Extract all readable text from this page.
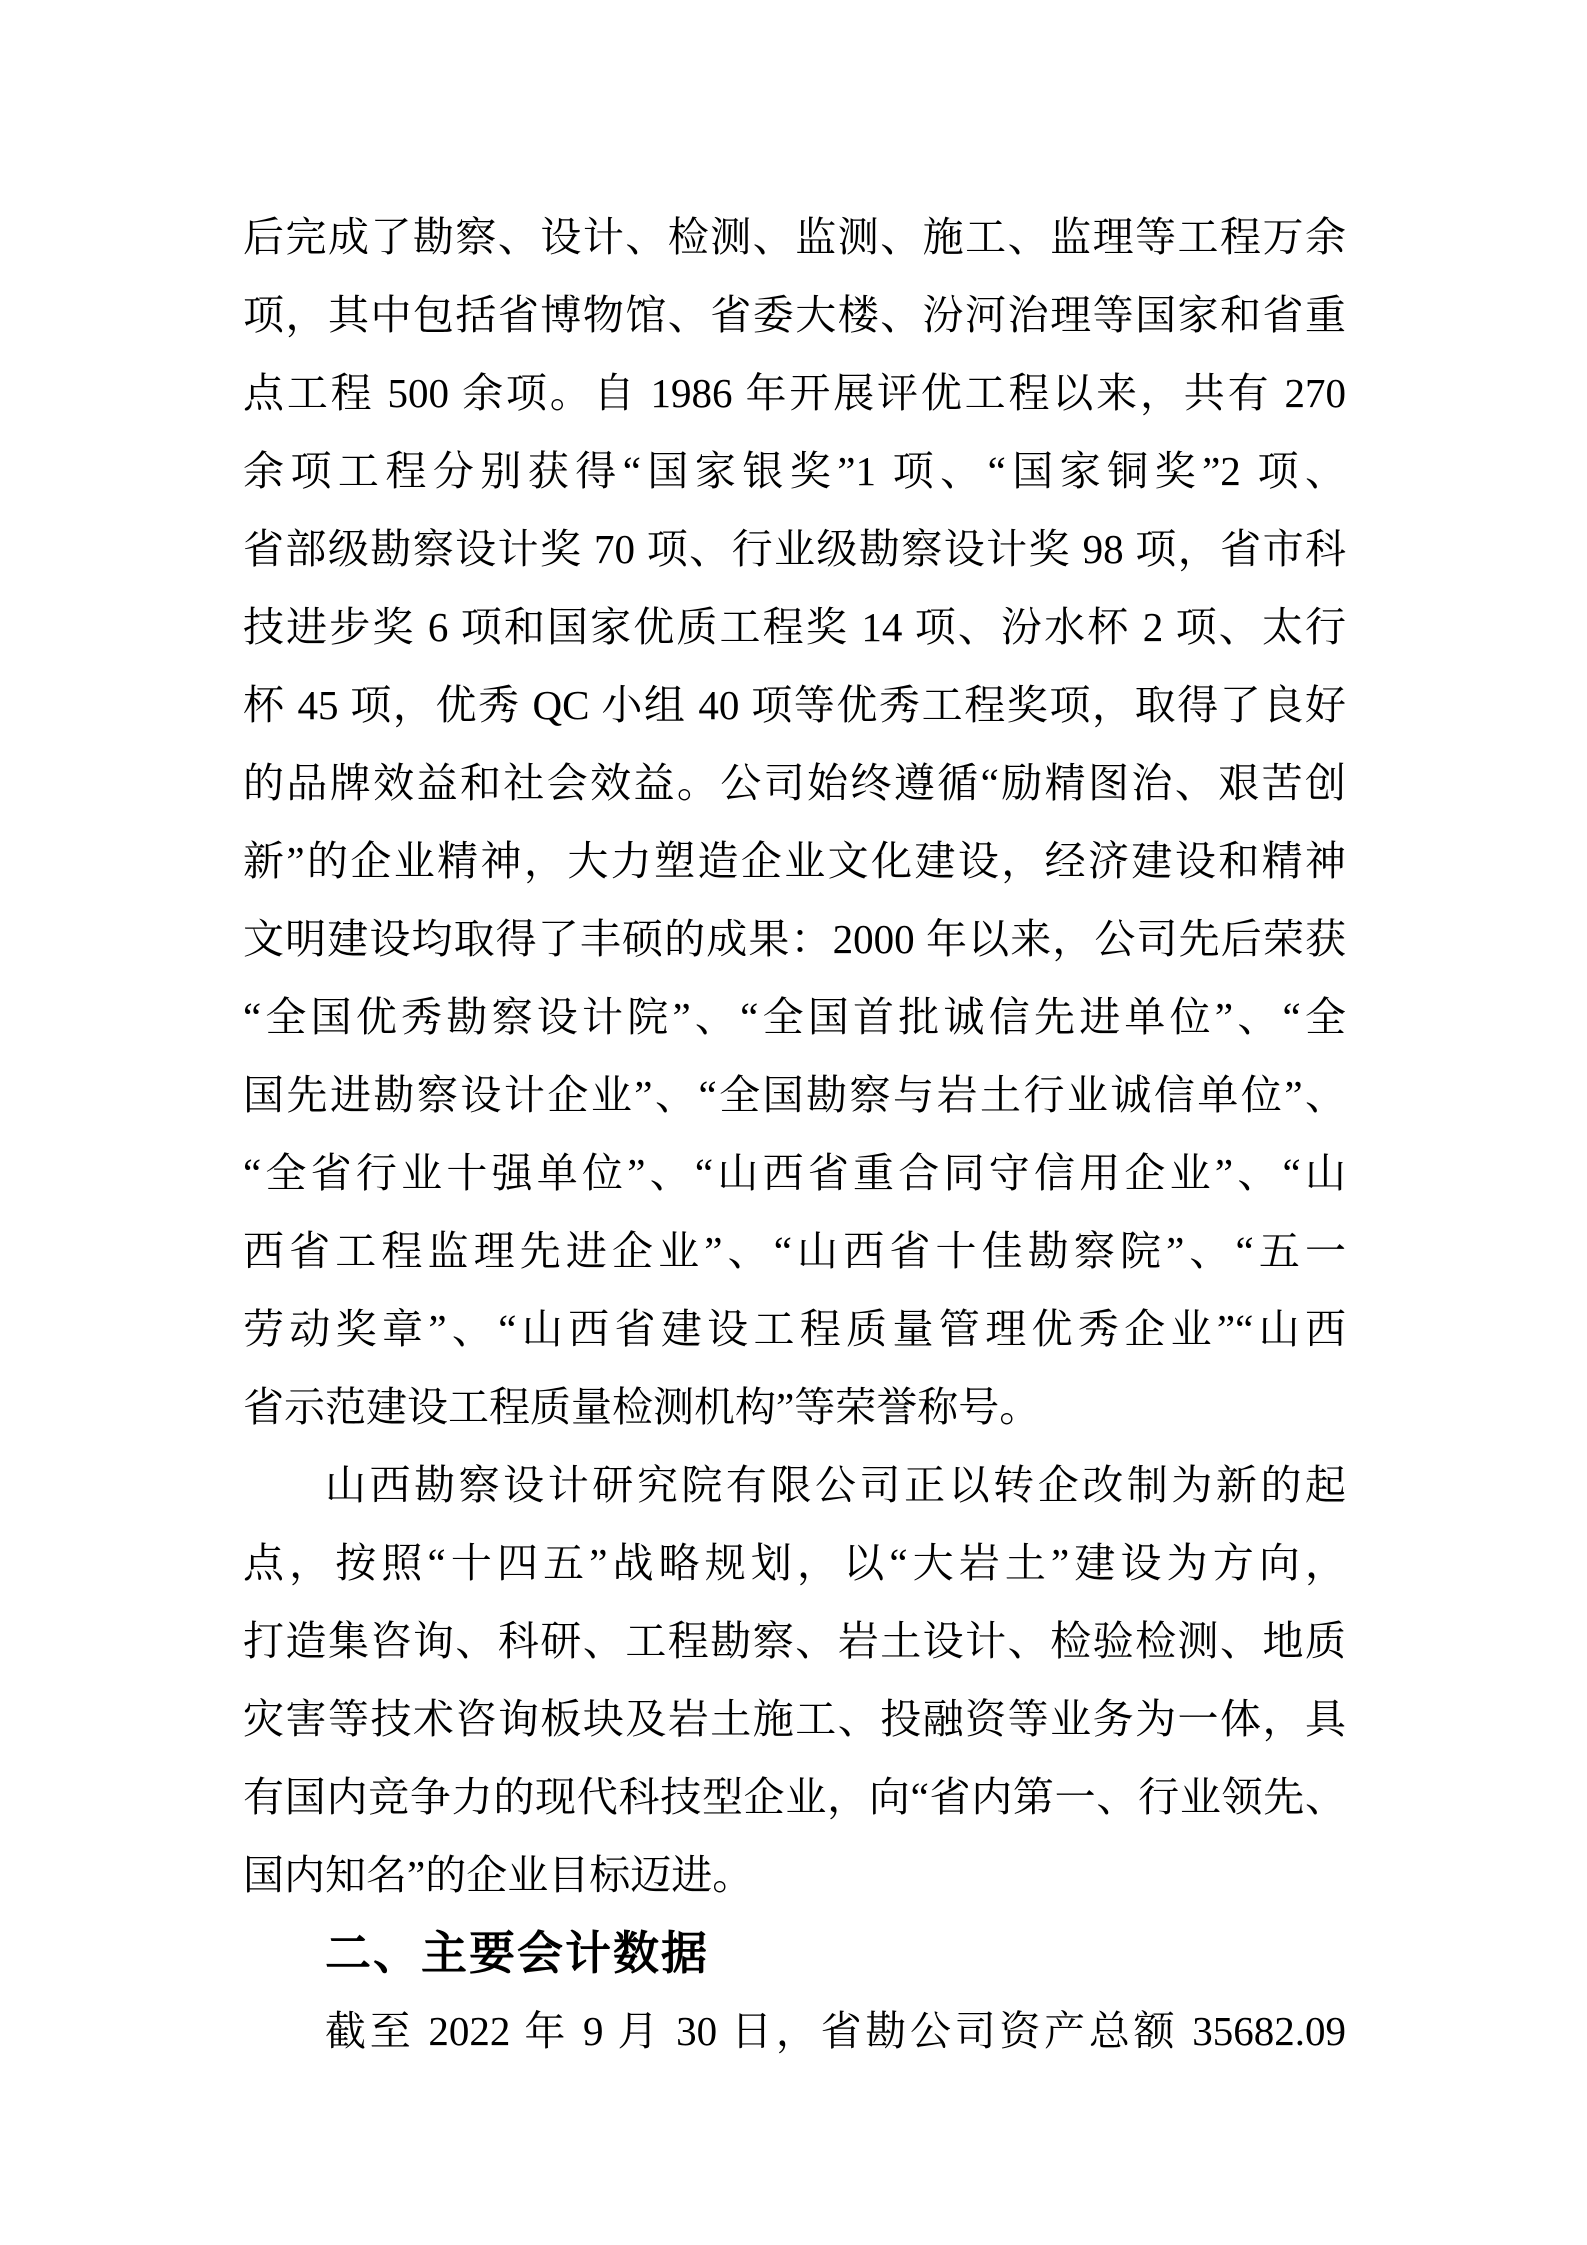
后完成了勘察、设计、检测、监测、施工、监理等工程万余
项，其中包括省博物馆、省委大楼、汾河治理等国家和省重
点工程 500 余项。自 1986 年开展评优工程以来，共有 270
余项工程分别获得“国家银奖”1 项、“国家铜奖”2 项、
省部级勘察设计奖 70 项、行业级勘察设计奖 98 项，省市科
技进步奖 6 项和国家优质工程奖 14 项、汾水杯 2 项、太行
杯 45 项，优秀 QC 小组 40 项等优秀工程奖项，取得了良好
的品牌效益和社会效益。公司始终遵循“励精图治、艰苦创
新”的企业精神，大力塑造企业文化建设，经济建设和精神
文明建设均取得了丰硕的成果：2000 年以来，公司先后荣获
“全国优秀勘察设计院”、“全国首批诚信先进单位”、“全
国先进勘察设计企业”、“全国勘察与岩土行业诚信单位”、
“全省行业十强单位”、“山西省重合同守信用企业”、“山
西省工程监理先进企业”、“山西省十佳勘察院”、“五一
劳动奖章”、“山西省建设工程质量管理优秀企业”“山西
省示范建设工程质量检测机构”等荣誉称号。
山西勘察设计研究院有限公司正以转企改制为新的起
点，按照“十四五”战略规划，以“大岩土”建设为方向，
打造集咨询、科研、工程勘察、岩土设计、检验检测、地质
灾害等技术咨询板块及岩土施工、投融资等业务为一体，具
有国内竞争力的现代科技型企业，向“省内第一、行业领先、
国内知名”的企业目标迈进。
二、主要会计数据
截至 2022 年 9 月 30 日，省勘公司资产总额 35682.09
